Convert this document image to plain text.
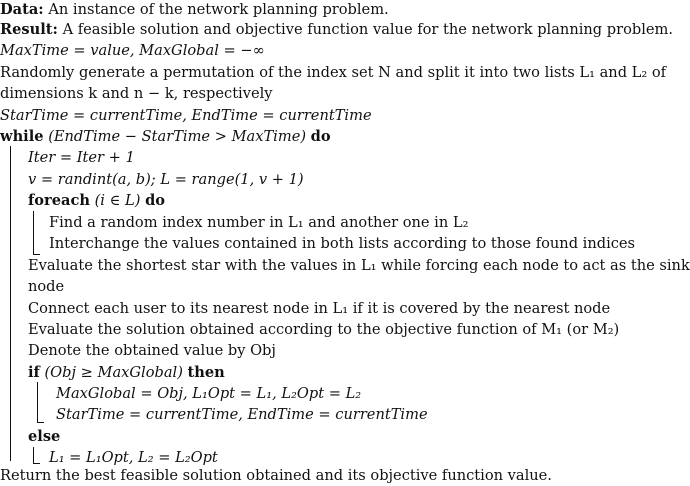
Data: An instance of the network planning problem.
Result: A feasible solution and objective function value for the network planning problem.
MaxTime = value, MaxGlobal = −∞
Randomly generate a permutation of the index set N and split it into two lists L₁ and L₂ of
dimensions k and n − k, respectively
StarTime = currentTime, EndTime = currentTime
while (EndTime − StarTime > MaxTime) do
Iter = Iter + 1
v = randint(a, b); L = range(1, v + 1)
foreach (i ∈ L) do
Find a random index number in L₁ and another one in L₂
Interchange the values contained in both lists according to those found indices
Evaluate the shortest star with the values in L₁ while forcing each node to act as the sink
node
Connect each user to its nearest node in L₁ if it is covered by the nearest node
Evaluate the solution obtained according to the objective function of M₁ (or M₂)
Denote the obtained value by Obj
if (Obj ≥ MaxGlobal) then
MaxGlobal = Obj, L₁Opt = L₁, L₂Opt = L₂
StarTime = currentTime, EndTime = currentTime
else
L₁ = L₁Opt, L₂ = L₂Opt
Return the best feasible solution obtained and its objective function value.
